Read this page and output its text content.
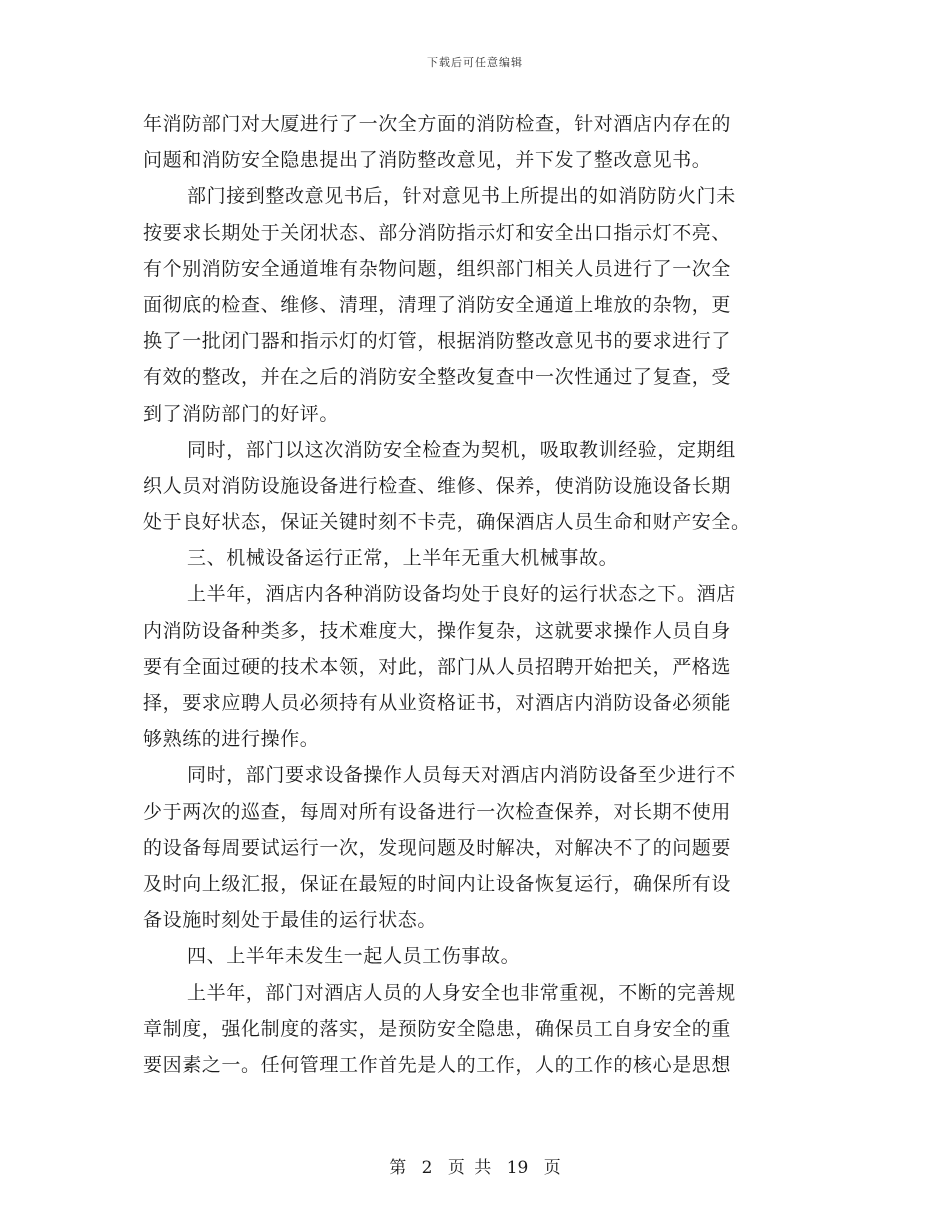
下载后可任意编辑
年消防部门对大厦进行了一次全方面的消防检查，针对酒店内存在的
问题和消防安全隐患提出了消防整改意见，并下发了整改意见书。
部门接到整改意见书后，针对意见书上所提出的如消防防火门未
按要求长期处于关闭状态、部分消防指示灯和安全出口指示灯不亮、
有个别消防安全通道堆有杂物问题，组织部门相关人员进行了一次全
面彻底的检查、维修、清理，清理了消防安全通道上堆放的杂物，更
换了一批闭门器和指示灯的灯管，根据消防整改意见书的要求进行了
有效的整改，并在之后的消防安全整改复查中一次性通过了复查，受
到了消防部门的好评。
同时，部门以这次消防安全检查为契机，吸取教训经验，定期组
织人员对消防设施设备进行检查、维修、保养，使消防设施设备长期
处于良好状态，保证关键时刻不卡壳，确保酒店人员生命和财产安全。
三、机械设备运行正常，上半年无重大机械事故。
上半年，酒店内各种消防设备均处于良好的运行状态之下。酒店
内消防设备种类多，技术难度大，操作复杂，这就要求操作人员自身
要有全面过硬的技术本领，对此，部门从人员招聘开始把关，严格选
择，要求应聘人员必须持有从业资格证书，对酒店内消防设备必须能
够熟练的进行操作。
同时，部门要求设备操作人员每天对酒店内消防设备至少进行不
少于两次的巡查，每周对所有设备进行一次检查保养，对长期不使用
的设备每周要试运行一次，发现问题及时解决，对解决不了的问题要
及时向上级汇报，保证在最短的时间内让设备恢复运行，确保所有设
备设施时刻处于最佳的运行状态。
四、上半年未发生一起人员工伤事故。
上半年，部门对酒店人员的人身安全也非常重视，不断的完善规
章制度，强化制度的落实，是预防安全隐患，确保员工自身安全的重
要因素之一。任何管理工作首先是人的工作，人的工作的核心是思想
第 2 页 共 19 页
